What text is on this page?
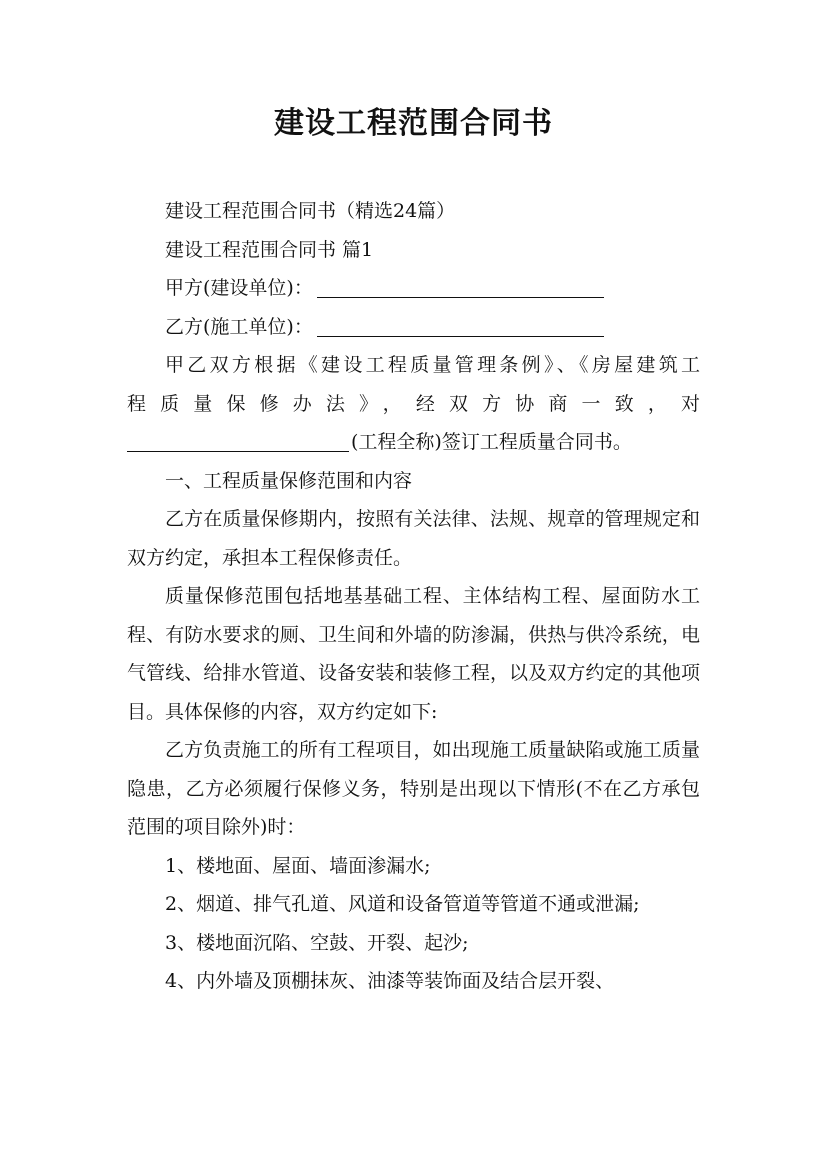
建设工程范围合同书

建设工程范围合同书（精选24篇）

建设工程范围合同书 篇1

甲方(建设单位)：

乙方(施工单位)：

甲乙双方根据《建设工程质量管理条例》、《房屋建筑工

程质量保修办法》，经双方协商一致，对

(工程全称)签订工程质量合同书。

一、工程质量保修范围和内容

乙方在质量保修期内，按照有关法律、法规、规章的管理规定和双方约定，承担本工程保修责任。

质量保修范围包括地基基础工程、主体结构工程、屋面防水工程、有防水要求的厕、卫生间和外墙的防渗漏，供热与供冷系统，电气管线、给排水管道、设备安装和装修工程，以及双方约定的其他项目。具体保修的内容，双方约定如下:

乙方负责施工的所有工程项目，如出现施工质量缺陷或施工质量隐患，乙方必须履行保修义务，特别是出现以下情形(不在乙方承包范围的项目除外)时：

1、楼地面、屋面、墙面渗漏水;

2、烟道、排气孔道、风道和设备管道等管道不通或泄漏;

3、楼地面沉陷、空鼓、开裂、起沙;

4、内外墙及顶棚抹灰、油漆等装饰面及结合层开裂、
